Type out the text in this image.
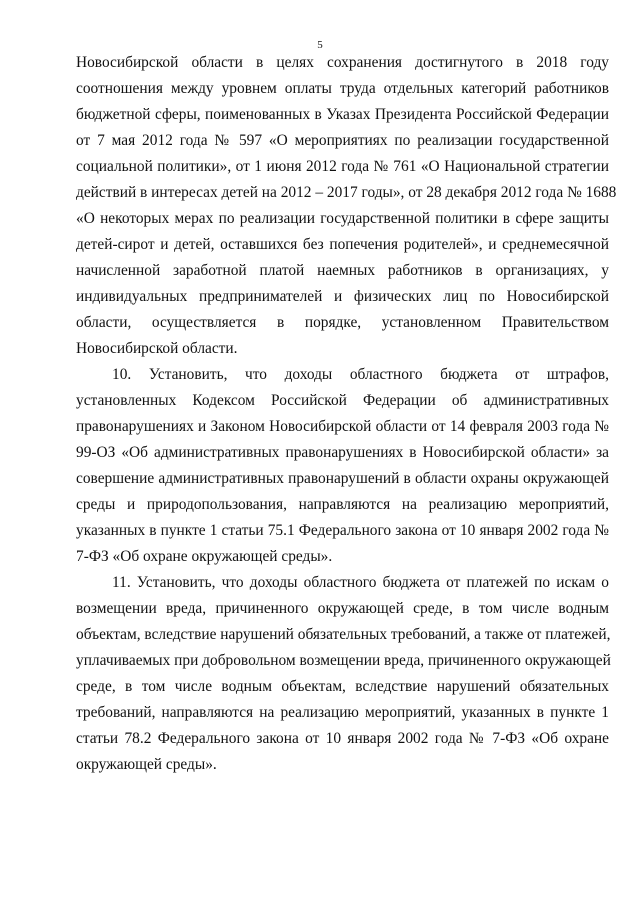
5
Новосибирской области в целях сохранения достигнутого в 2018 году
соотношения между уровнем оплаты труда отдельных категорий работников
бюджетной сферы, поименованных в Указах Президента Российской Федерации
от 7 мая 2012 года № 597 «О мероприятиях по реализации государственной
социальной политики», от 1 июня 2012 года № 761 «О Национальной стратегии
действий в интересах детей на 2012 – 2017 годы», от 28 декабря 2012 года № 1688
«О некоторых мерах по реализации государственной политики в сфере защиты
детей-сирот и детей, оставшихся без попечения родителей», и среднемесячной
начисленной заработной платой наемных работников в организациях, у
индивидуальных предпринимателей и физических лиц по Новосибирской
области, осуществляется в порядке, установленном Правительством
Новосибирской области.
10. Установить, что доходы областного бюджета от штрафов,
установленных Кодексом Российской Федерации об административных
правонарушениях и Законом Новосибирской области от 14 февраля 2003 года №
99-ОЗ «Об административных правонарушениях в Новосибирской области» за
совершение административных правонарушений в области охраны окружающей
среды и природопользования, направляются на реализацию мероприятий,
указанных в пункте 1 статьи 75.1 Федерального закона от 10 января 2002 года №
7-ФЗ «Об охране окружающей среды».
11. Установить, что доходы областного бюджета от платежей по искам о
возмещении вреда, причиненного окружающей среде, в том числе водным
объектам, вследствие нарушений обязательных требований, а также от платежей,
уплачиваемых при добровольном возмещении вреда, причиненного окружающей
среде, в том числе водным объектам, вследствие нарушений обязательных
требований, направляются на реализацию мероприятий, указанных в пункте 1
статьи 78.2 Федерального закона от 10 января 2002 года № 7-ФЗ «Об охране
окружающей среды».
